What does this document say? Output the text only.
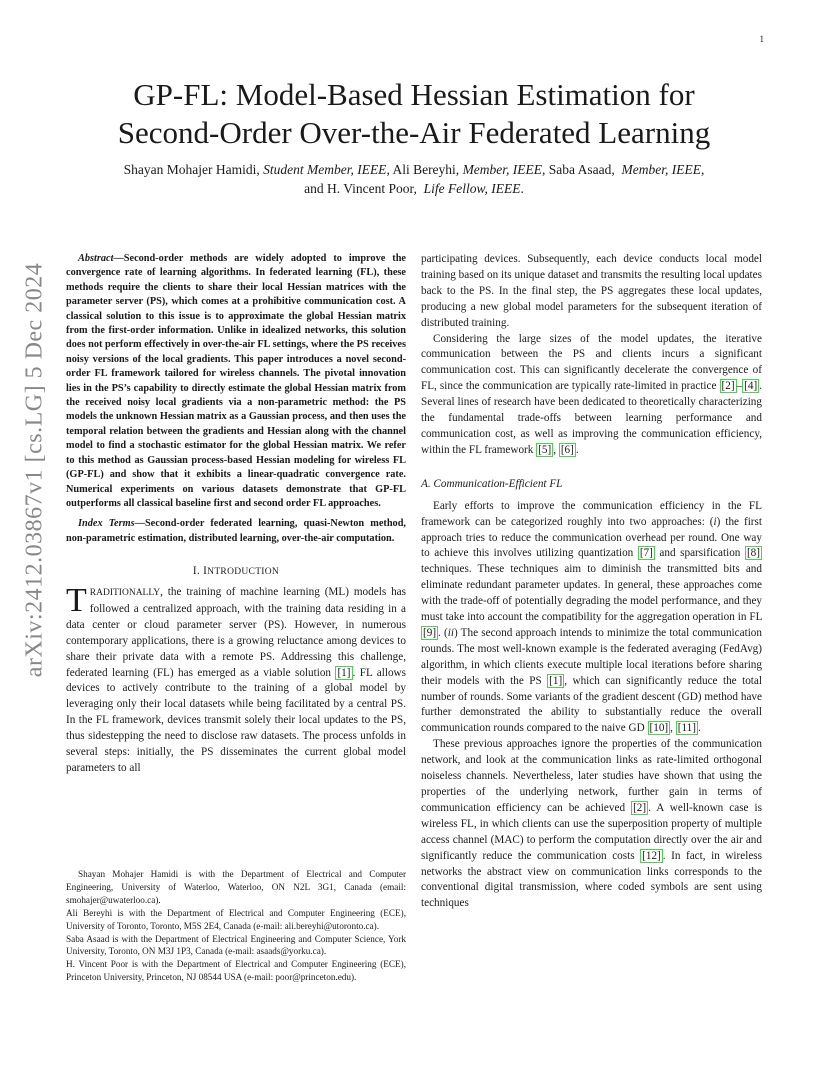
1
arXiv:2412.03867v1 [cs.LG] 5 Dec 2024
GP-FL: Model-Based Hessian Estimation for
Second-Order Over-the-Air Federated Learning
Shayan Mohajer Hamidi, Student Member, IEEE, Ali Bereyhi, Member, IEEE, Saba Asaad,  Member, IEEE,
and H. Vincent Poor,  Life Fellow, IEEE.

Abstract—Second-order methods are widely adopted to improve the convergence rate of learning algorithms. In federated learning (FL), these methods require the clients to share their local Hessian matrices with the parameter server (PS), which comes at a prohibitive communication cost. A classical solution to this issue is to approximate the global Hessian matrix from the first-order information. Unlike in idealized networks, this solution does not perform effectively in over-the-air FL settings, where the PS receives noisy versions of the local gradients. This paper introduces a novel second-order FL framework tailored for wireless channels. The pivotal innovation lies in the PS’s capability to directly estimate the global Hessian matrix from the received noisy local gradients via a non-parametric method: the PS models the unknown Hessian matrix as a Gaussian process, and then uses the temporal relation between the gradients and Hessian along with the channel model to find a stochastic estimator for the global Hessian matrix. We refer to this method as Gaussian process-based Hessian modeling for wireless FL (GP-FL) and show that it exhibits a linear-quadratic convergence rate. Numerical experiments on various datasets demonstrate that GP-FL outperforms all classical baseline first and second order FL approaches.

Index Terms—Second-order federated learning, quasi-Newton method, non-parametric estimation, distributed learning, over-the-air computation.

I. INTRODUCTION

TRADITIONALLY, the training of machine learning (ML) models has followed a centralized approach, with the training data residing in a data center or cloud parameter server (PS). However, in numerous contemporary applications, there is a growing reluctance among devices to share their private data with a remote PS. Addressing this challenge, federated learning (FL) has emerged as a viable solution [1] . FL allows devices to actively contribute to the training of a global model by leveraging only their local datasets while being facilitated by a central PS. In the FL framework, devices transmit solely their local updates to the PS, thus sidestepping the need to disclose raw datasets. The process unfolds in several steps: initially, the PS disseminates the current global model parameters to all

Shayan Mohajer Hamidi is with the Department of Electrical and Computer Engineering, University of Waterloo, Waterloo, ON N2L 3G1, Canada (email: smohajer@uwaterloo.ca).

Ali Bereyhi is with the Department of Electrical and Computer Engineering (ECE), University of Toronto, Toronto, M5S 2E4, Canada (e-mail: ali.bereyhi@utoronto.ca).

Saba Asaad is with the Department of Electrical Engineering and Computer Science, York University, Toronto, ON M3J 1P3, Canada (e-mail: asaads@yorku.ca).

H. Vincent Poor is with the Department of Electrical and Computer Engineering (ECE), Princeton University, Princeton, NJ 08544 USA (e-mail: poor@princeton.edu).

participating devices. Subsequently, each device conducts local model training based on its unique dataset and transmits the resulting local updates back to the PS. In the final step, the PS aggregates these local updates, producing a new global model parameters for the subsequent iteration of distributed training.

Considering the large sizes of the model updates, the iterative communication between the PS and clients incurs a significant communication cost. This can significantly decelerate the convergence of FL, since the communication are typically rate-limited in practice [2] – [4] . Several lines of research have been dedicated to theoretically characterizing the fundamental trade-offs between learning performance and communication cost, as well as improving the communication efficiency, within the FL framework [5] , [6] .

A. Communication-Efficient FL

Early efforts to improve the communication efficiency in the FL framework can be categorized roughly into two approaches: (i) the first approach tries to reduce the communication overhead per round. One way to achieve this involves utilizing quantization [7] and sparsification [8] techniques. These techniques aim to diminish the transmitted bits and eliminate redundant parameter updates. In general, these approaches come with the trade-off of potentially degrading the model performance, and they must take into account the compatibility for the aggregation operation in FL [9] . (ii) The second approach intends to minimize the total communication rounds. The most well-known example is the federated averaging (FedAvg) algorithm, in which clients execute multiple local iterations before sharing their models with the PS [1] , which can significantly reduce the total number of rounds. Some variants of the gradient descent (GD) method have further demonstrated the ability to substantially reduce the overall communication rounds compared to the naive GD [10] , [11] .

These previous approaches ignore the properties of the communication network, and look at the communication links as rate-limited orthogonal noiseless channels. Nevertheless, later studies have shown that using the properties of the underlying network, further gain in terms of communication efficiency can be achieved [2] . A well-known case is wireless FL, in which clients can use the superposition property of multiple access channel (MAC) to perform the computation directly over the air and significantly reduce the communication costs [12] . In fact, in wireless networks the abstract view on communication links corresponds to the conventional digital transmission, where coded symbols are sent using techniques
